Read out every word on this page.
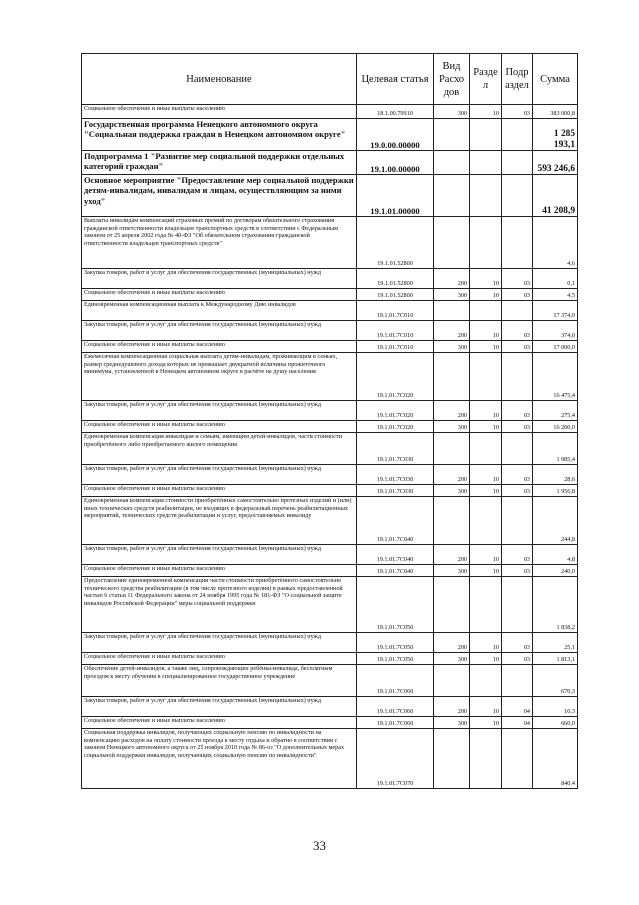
Наименование	Целевая статья	Вид Расхо дов	Разде л	Подр аздел	Сумма
Социальное обеспечение и иные выплаты населению	18.1.00.79910	300	10	03	383 000,8
Государственная программа Ненецкого автономного округа "Социальная поддержка граждан в Ненецком автономном округе"	19.0.00.00000				1 285 193,1
Подпрограмма 1 "Развитие мер социальной поддержки отдельных категорий граждан"	19.1.00.00000				593 246,6
Основное мероприятие "Предоставление мер социальной поддержки детям-инвалидам, инвалидам и лицам, осуществляющим за ними уход"	19.1.01.00000				41 208,9
Выплаты инвалидам компенсаций страховых премий по договорам обязательного страхования гражданской ответственности владельцев транспортных средств в соответствии с Федеральным законом от 25 апреля 2002 года № 40-ФЗ "Об обязательном страховании гражданской ответственности владельцев транспортных средств"	19.1.01.52800				4,6
Закупка товаров, работ и услуг для обеспечения государственных (муниципальных) нужд	19.1.01.52800	200	10	03	0,1
Социальное обеспечение и иные выплаты населению	19.1.01.52800	300	10	03	4,5
Единовременная компенсационная выплата к Международному Дню инвалидов	19.1.01.7С010				17 374,0
Закупка товаров, работ и услуг для обеспечения государственных (муниципальных) нужд	19.1.01.7С010	200	10	03	374,0
Социальное обеспечение и иные выплаты населению	19.1.01.7С010	300	10	03	17 000,0
Ежемесячная компенсационная социальная выплата детям-инвалидам, проживающим в семьях, размер среднедушевого дохода которых не превышает двукратной величины прожиточного минимума, установленной в Ненецком автономном округе в расчёте на душу населения	19.1.01.7С020				16 475,4
Закупка товаров, работ и услуг для обеспечения государственных (муниципальных) нужд	19.1.01.7С020	200	10	03	275,4
Социальное обеспечение и иные выплаты населению	19.1.01.7С020	300	10	03	16 200,0
Единовременная компенсация инвалидам и семьям, имеющим детей-инвалидов, части стоимости приобретённого либо приобретаемого жилого помещения	19.1.01.7С030				1 985,4
Закупка товаров, работ и услуг для обеспечения государственных (муниципальных) нужд	19.1.01.7С030	200	10	03	28,6
Социальное обеспечение и иные выплаты населению	19.1.01.7С030	300	10	03	1 956,8
Единовременная компенсация стоимости приобретённых самостоятельно протезных изделий и (или) иных технических средств реабилитации, не входящих в федеральный перечень реабилитационных мероприятий, технических средств реабилитации и услуг, предоставляемых инвалиду	19.1.01.7С040				244,8
Закупка товаров, работ и услуг для обеспечения государственных (муниципальных) нужд	19.1.01.7С040	200	10	03	4,8
Социальное обеспечение и иные выплаты населению	19.1.01.7С040	300	10	03	240,0
Предоставление единовременной компенсации части стоимости приобретённого самостоятельно технического средства реабилитации (в том числе протезного изделия) в рамках предоставленной частью 6 статьи 11 Федерального закона от 24 ноября 1995 года № 181-ФЗ "О социальной защите инвалидов Российской Федерации" меры социальной поддержки	19.1.01.7С050				1 838,2
Закупка товаров, работ и услуг для обеспечения государственных (муниципальных) нужд	19.1.01.7С050	200	10	03	25,1
Социальное обеспечение и иные выплаты населению	19.1.01.7С050	300	10	03	1 813,1
Обеспечение детей-инвалидов, а также лиц, сопровождающих ребёнка-инвалида, бесплатным проездом к месту обучения в специализированное государственное учреждение	19.1.01.7С060				670,3
Закупка товаров, работ и услуг для обеспечения государственных (муниципальных) нужд	19.1.01.7С060	200	10	04	10,3
Социальное обеспечение и иные выплаты населению	19.1.01.7С060	300	10	04	660,0
Социальная поддержка инвалидов, получающих социальную пенсию по инвалидности на компенсацию расходов на оплату стоимости проезда к месту отдыха и обратно в соответствии с законом Ненецкого автономного округа от 25 ноября 2010 года № 86-оз "О дополнительных мерах социальной поддержки инвалидов, получающих социальную пенсию по инвалидности"	19.1.01.7С070				840,4
33
